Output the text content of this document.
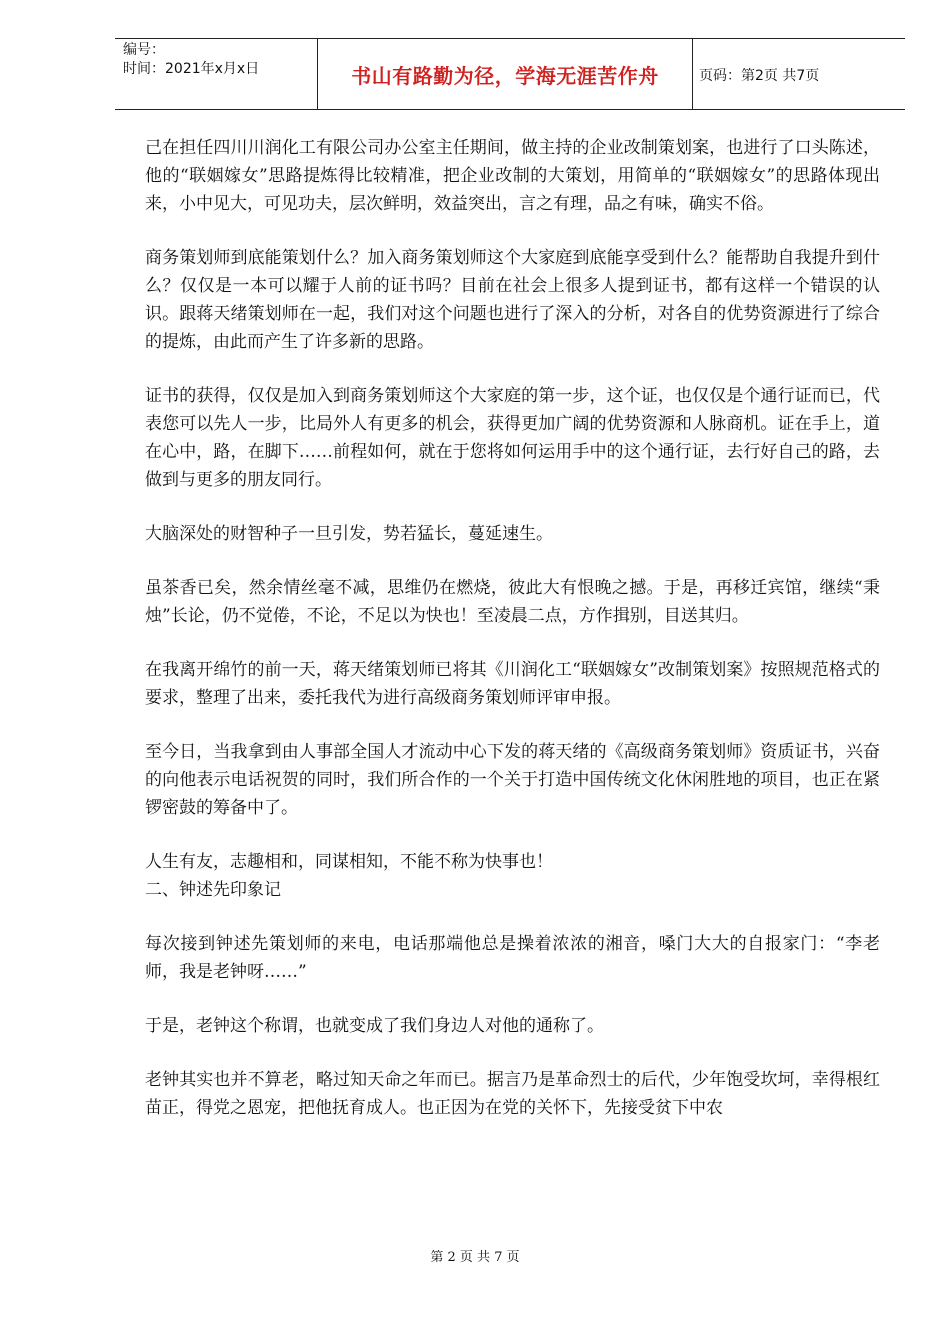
编号：
时间：2021年x月x日	书山有路勤为径，学海无涯苦作舟	页码：第2页 共7页

己在担任四川川润化工有限公司办公室主任期间，做主持的企业改制策划案，也进行了口头陈述，他的“联姻嫁女”思路提炼得比较精准，把企业改制的大策划，用简单的“联姻嫁女”的思路体现出来，小中见大，可见功夫，层次鲜明，效益突出，言之有理，品之有味，确实不俗。

商务策划师到底能策划什么？加入商务策划师这个大家庭到底能享受到什么？能帮助自我提升到什么？仅仅是一本可以耀于人前的证书吗？目前在社会上很多人提到证书，都有这样一个错误的认识。跟蒋天绪策划师在一起，我们对这个问题也进行了深入的分析，对各自的优势资源进行了综合的提炼，由此而产生了许多新的思路。

证书的获得，仅仅是加入到商务策划师这个大家庭的第一步，这个证，也仅仅是个通行证而已，代表您可以先人一步，比局外人有更多的机会，获得更加广阔的优势资源和人脉商机。证在手上，道在心中，路，在脚下……前程如何，就在于您将如何运用手中的这个通行证，去行好自己的路，去做到与更多的朋友同行。

大脑深处的财智种子一旦引发，势若猛长，蔓延速生。

虽茶香已矣，然余情丝毫不减，思维仍在燃烧，彼此大有恨晚之撼。于是，再移迁宾馆，继续“秉烛”长论，仍不觉倦，不论，不足以为快也！至凌晨二点，方作揖别，目送其归。

在我离开绵竹的前一天，蒋天绪策划师已将其《川润化工“联姻嫁女”改制策划案》按照规范格式的要求，整理了出来，委托我代为进行高级商务策划师评审申报。

至今日，当我拿到由人事部全国人才流动中心下发的蒋天绪的《高级商务策划师》资质证书，兴奋的向他表示电话祝贺的同时，我们所合作的一个关于打造中国传统文化休闲胜地的项目，也正在紧锣密鼓的筹备中了。

人生有友，志趣相和，同谋相知，不能不称为快事也！

二、钟述先印象记

每次接到钟述先策划师的来电，电话那端他总是操着浓浓的湘音，嗓门大大的自报家门：“李老师，我是老钟呀……”

于是，老钟这个称谓，也就变成了我们身边人对他的通称了。

老钟其实也并不算老，略过知天命之年而已。据言乃是革命烈士的后代，少年饱受坎坷，幸得根红苗正，得党之恩宠，把他抚育成人。也正因为在党的关怀下，先接受贫下中农

第 2 页 共 7 页
